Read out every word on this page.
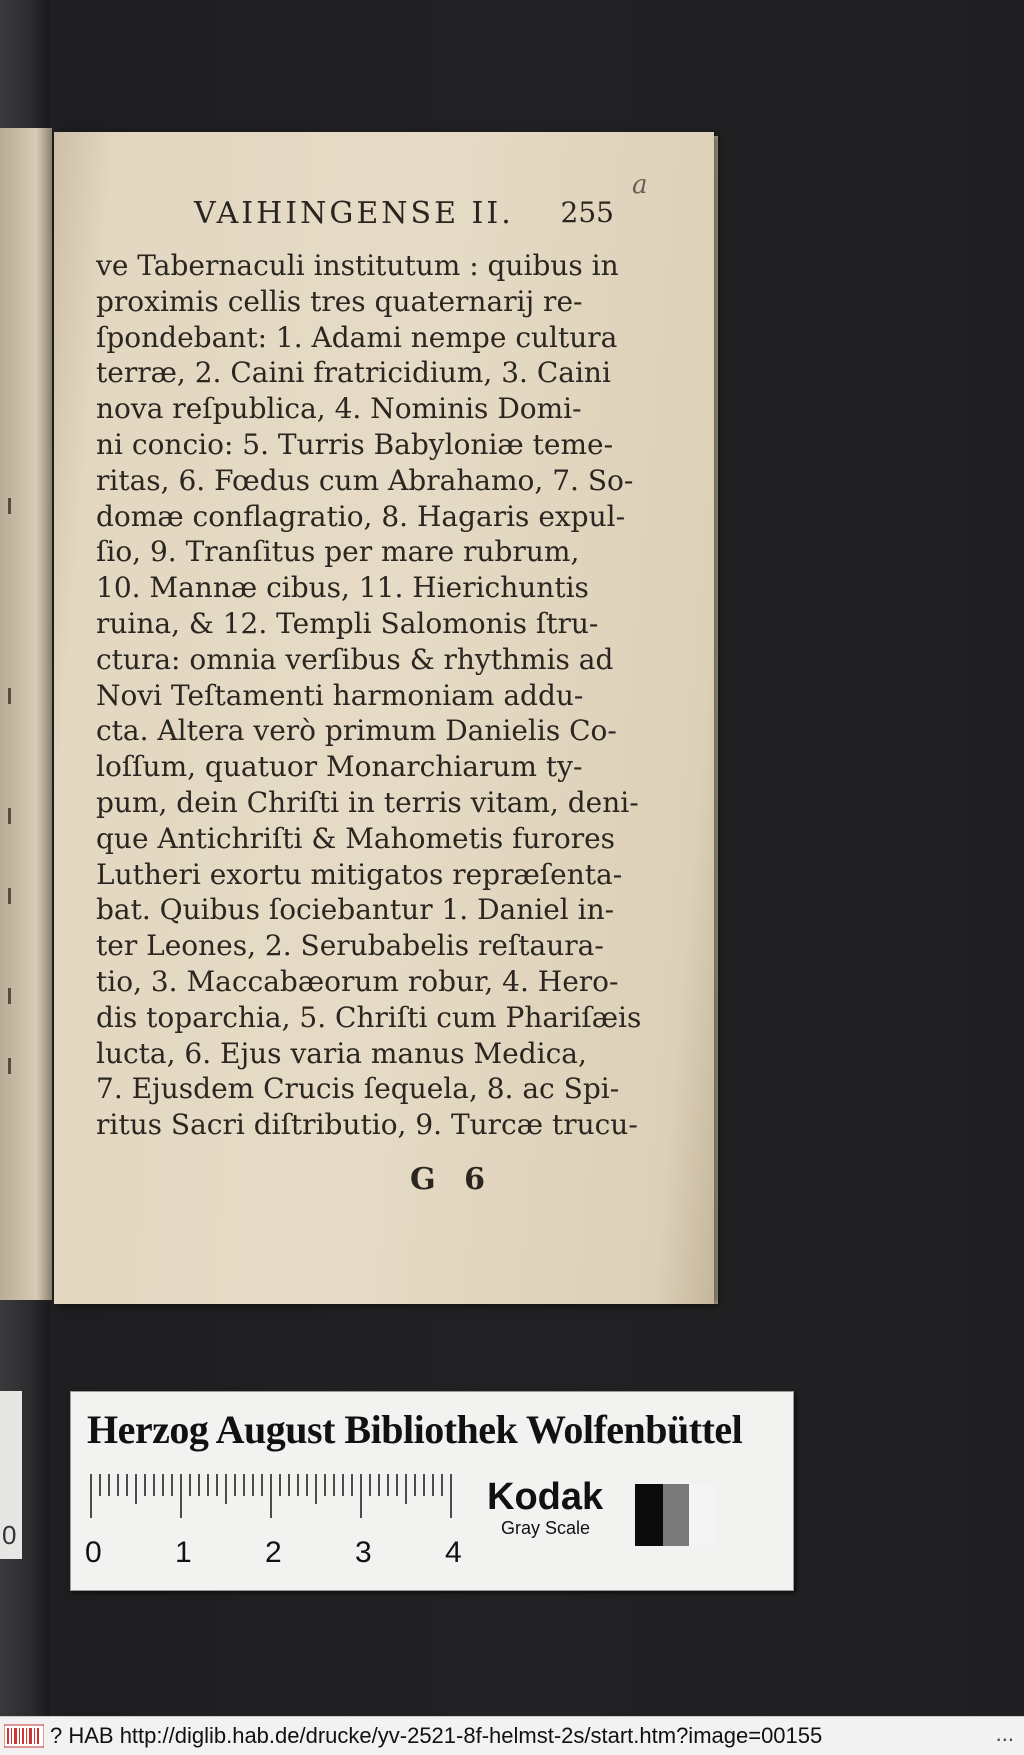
a
VAIHINGENSE II. 255
ve Tabernaculi institutum : quibus in
proximis cellis tres quaternarij re-
ſpondebant: 1. Adami nempe cultura
terræ, 2. Caini fratricidium, 3. Caini
nova reſpublica, 4. Nominis Domi-
ni concio: 5. Turris Babyloniæ teme-
ritas, 6. Fœdus cum Abrahamo, 7. So-
domæ conflagratio, 8. Hagaris expul-
ſio, 9. Tranſitus per mare rubrum,
10. Mannæ cibus, 11. Hierichuntis
ruina, & 12. Templi Salomonis ſtru-
ctura: omnia verſibus & rhythmis ad
Novi Teſtamenti harmoniam addu-
cta. Altera verò primum Danielis Co-
loſſum, quatuor Monarchiarum ty-
pum, dein Chriſti in terris vitam, deni-
que Antichriſti & Mahometis furores
Lutheri exortu mitigatos repræſenta-
bat. Quibus ſociebantur 1. Daniel in-
ter Leones, 2. Serubabelis reſtaura-
tio, 3. Maccabæorum robur, 4. Hero-
dis toparchia, 5. Chriſti cum Phariſæis
lucta, 6. Ejus varia manus Medica,
7. Ejusdem Crucis ſequela, 8. ac Spi-
ritus Sacri diſtributio, 9. Turcæ trucu-
G 6
0
Herzog August Bibliothek Wolfenbüttel
0 1 2 3 4
Kodak
Gray Scale
? HAB http://diglib.hab.de/drucke/yv-2521-8f-helmst-2s/start.htm?image=00155	...
